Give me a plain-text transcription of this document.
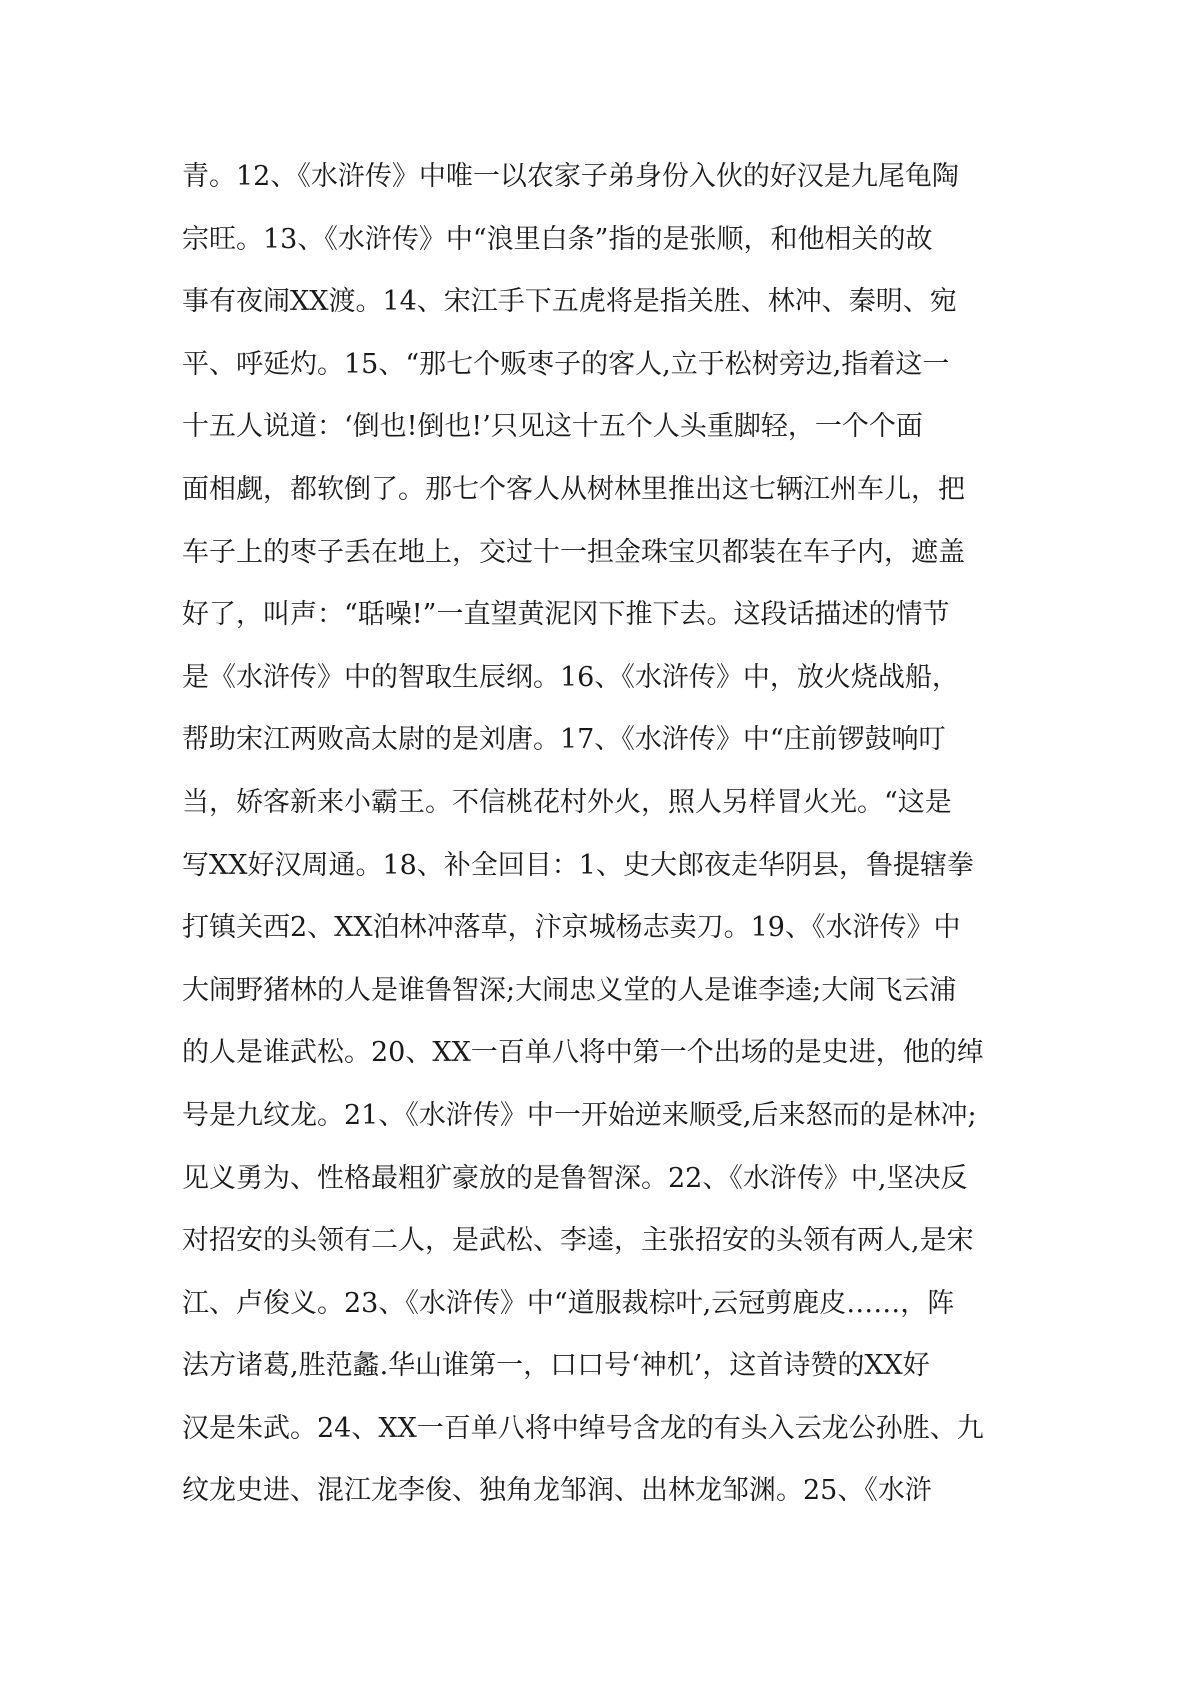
青。12、《水浒传》中唯一以农家子弟身份入伙的好汉是九尾龟陶
宗旺。13、《水浒传》中“浪里白条”指的是张顺，和他相关的故
事有夜闹XX渡。14、宋江手下五虎将是指关胜、林冲、秦明、宛
平、呼延灼。15、“那七个贩枣子的客人,立于松树旁边,指着这一
十五人说道：‘倒也!倒也!’只见这十五个人头重脚轻，一个个面
面相觑，都软倒了。那七个客人从树林里推出这七辆江州车儿，把
车子上的枣子丢在地上，交过十一担金珠宝贝都装在车子内，遮盖
好了，叫声：“聒噪!”一直望黄泥冈下推下去。这段话描述的情节
是《水浒传》中的智取生辰纲。16、《水浒传》中，放火烧战船，
帮助宋江两败高太尉的是刘唐。17、《水浒传》中“庄前锣鼓响叮
当，娇客新来小霸王。不信桃花村外火，照人另样冒火光。“这是
写XX好汉周通。18、补全回目：1、史大郎夜走华阴县，鲁提辖拳
打镇关西2、XX泊林冲落草，汴京城杨志卖刀。19、《水浒传》中
大闹野猪林的人是谁鲁智深;大闹忠义堂的人是谁李逵;大闹飞云浦
的人是谁武松。20、XX一百单八将中第一个出场的是史进，他的绰
号是九纹龙。21、《水浒传》中一开始逆来顺受,后来怒而的是林冲;
见义勇为、性格最粗犷豪放的是鲁智深。22、《水浒传》中,坚决反
对招安的头领有二人，是武松、李逵，主张招安的头领有两人,是宋
江、卢俊义。23、《水浒传》中“道服裁棕叶,云冠剪鹿皮……，阵
法方诸葛,胜范蠡.华山谁第一，口口号‘神机’，这首诗赞的XX好
汉是朱武。24、XX一百单八将中绰号含龙的有头入云龙公孙胜、九
纹龙史进、混江龙李俊、独角龙邹润、出林龙邹渊。25、《水浒
